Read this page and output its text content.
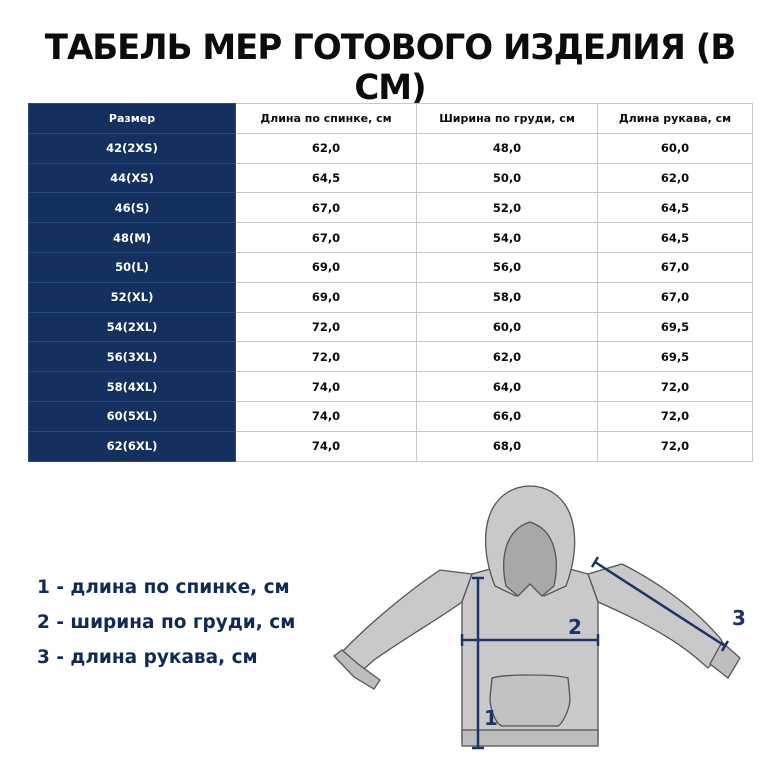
ТАБЕЛЬ МЕР ГОТОВОГО ИЗДЕЛИЯ (В СМ)
Размер	Длина по спинке, см	Ширина по груди, см	Длина рукава, см
42(2XS)	62,0	48,0	60,0
44(XS)	64,5	50,0	62,0
46(S)	67,0	52,0	64,5
48(M)	67,0	54,0	64,5
50(L)	69,0	56,0	67,0
52(XL)	69,0	58,0	67,0
54(2XL)	72,0	60,0	69,5
56(3XL)	72,0	62,0	69,5
58(4XL)	74,0	64,0	72,0
60(5XL)	74,0	66,0	72,0
62(6XL)	74,0	68,0	72,0
1 - длина по спинке, см
2 - ширина по груди, см
3 - длина рукава, см
1
2	3
